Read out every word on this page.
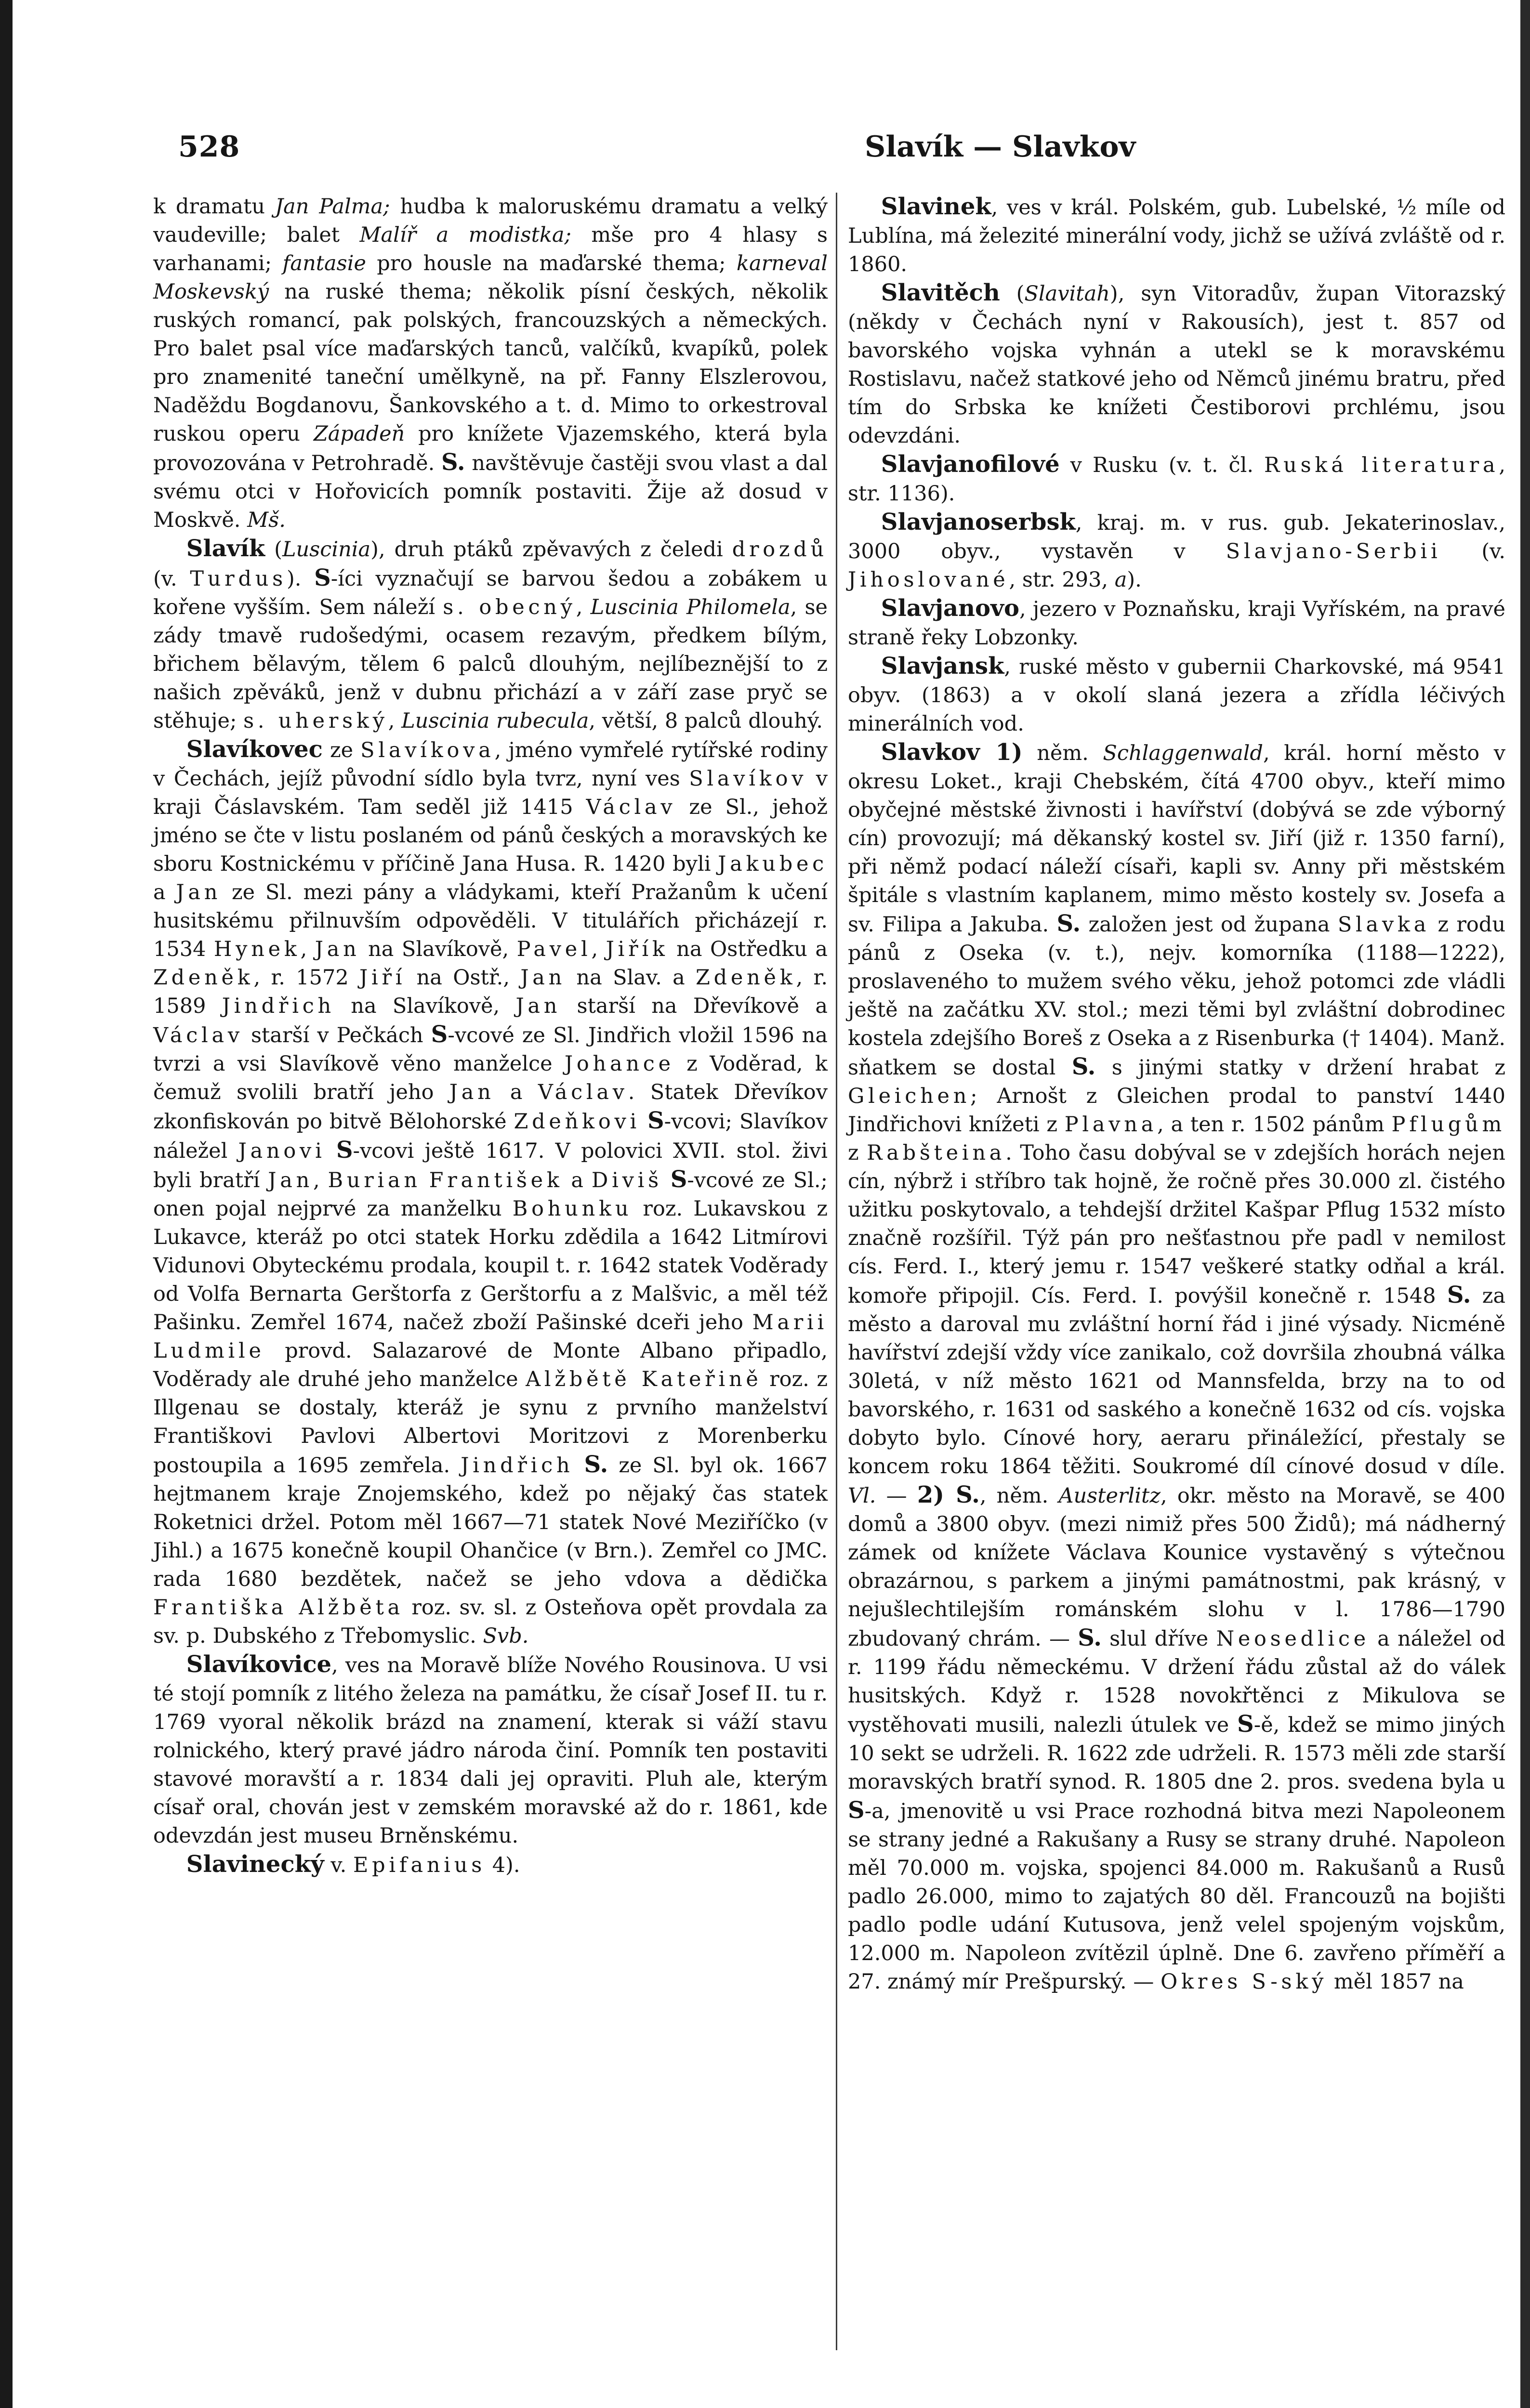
528	Slavík — Slavkov

k dramatu Jan Palma; hudba k maloruskému dramatu a velký vaudeville; balet Malíř a modistka; mše pro 4 hlasy s varhanami; fantasie pro housle na maďarské thema; karneval Moskevský na ruské thema; několik písní českých, několik ruských romancí, pak polských, francouzských a německých. Pro balet psal více maďarských tanců, valčíků, kvapíků, polek pro znamenité taneční umělkyně, na př. Fanny Elszlerovou, Naděždu Bogdanovu, Šankovského a t. d. Mimo to orkestroval ruskou operu Západeň pro knížete Vjazemského, která byla provozována v Petrohradě. S. navštěvuje častěji svou vlast a dal svému otci v Hořovicích pomník postaviti. Žije až dosud v Moskvě. Mš.

Slavík (Luscinia), druh ptáků zpěvavých z čeledi drozdů (v. Turdus). S-íci vyznačují se barvou šedou a zobákem u kořene vyšším. Sem náleží s. obecný, Luscinia Philomela, se zády tmavě rudošedými, ocasem rezavým, předkem bílým, břichem bělavým, tělem 6 palců dlouhým, nejlíbeznější to z našich zpěváků, jenž v dubnu přichází a v září zase pryč se stěhuje; s. uherský, Luscinia rubecula, větší, 8 palců dlouhý.

Slavíkovec ze Slavíkova, jméno vymřelé rytířské rodiny v Čechách, jejíž původní sídlo byla tvrz, nyní ves Slavíkov v kraji Čáslavském. Tam seděl již 1415 Václav ze Sl., jehož jméno se čte v listu poslaném od pánů českých a moravských ke sboru Kostnickému v příčině Jana Husa. R. 1420 byli Jakubec a Jan ze Sl. mezi pány a vládykami, kteří Pražanům k učení husitskému přilnuvším odpověděli. V titulářích přicházejí r. 1534 Hynek, Jan na Slavíkově, Pavel, Jiřík na Ostředku a Zdeněk, r. 1572 Jiří na Ostř., Jan na Slav. a Zdeněk, r. 1589 Jindřich na Slavíkově, Jan starší na Dřevíkově a Václav starší v Pečkách S-vcové ze Sl. Jindřich vložil 1596 na tvrzi a vsi Slavíkově věno manželce Johance z Voděrad, k čemuž svolili bratří jeho Jan a Václav. Statek Dřevíkov zkonfiskován po bitvě Bělohorské Zdeňkovi S-vcovi; Slavíkov náležel Janovi S-vcovi ještě 1617. V polovici XVII. stol. živi byli bratří Jan, Burian František a Diviš S-vcové ze Sl.; onen pojal nejprvé za manželku Bohunku roz. Lukavskou z Lukavce, kteráž po otci statek Horku zdědila a 1642 Litmírovi Vidunovi Obyteckému prodala, koupil t. r. 1642 statek Voděrady od Volfa Bernarta Gerštorfa z Gerštorfu a z Malšvic, a měl též Pašinku. Zemřel 1674, načež zboží Pašinské dceři jeho Marii Ludmile provd. Salazarové de Monte Albano připadlo, Voděrady ale druhé jeho manželce Alžbětě Kateřině roz. z Illgenau se dostaly, kteráž je synu z prvního manželství Františkovi Pavlovi Albertovi Moritzovi z Morenberku postoupila a 1695 zemřela. Jindřich S. ze Sl. byl ok. 1667 hejtmanem kraje Znojemského, kdež po nějaký čas statek Roketnici držel. Potom měl 1667—71 statek Nové Meziříčko (v Jihl.) a 1675 konečně koupil Ohančice (v Brn.). Zemřel co JMC. rada 1680 bezdětek, načež se jeho vdova a dědička Františka Alžběta roz. sv. sl. z Osteňova opět provdala za sv. p. Dubského z Třebomyslic. Svb.

Slavíkovice, ves na Moravě blíže Nového Rousinova. U vsi té stojí pomník z litého železa na památku, že císař Josef II. tu r. 1769 vyoral několik brázd na znamení, kterak si váží stavu rolnického, který pravé jádro národa činí. Pomník ten postaviti stavové moravští a r. 1834 dali jej opraviti. Pluh ale, kterým císař oral, chován jest v zemském moravské až do r. 1861, kde odevzdán jest museu Brněnskému.

Slavinecký v. Epifanius 4).

Slavinek, ves v král. Polském, gub. Lubelské, ½ míle od Lublína, má železité minerální vody, jichž se užívá zvláště od r. 1860.

Slavitěch (Slavitah), syn Vitoradův, župan Vitorazský (někdy v Čechách nyní v Rakousích), jest t. 857 od bavorského vojska vyhnán a utekl se k moravskému Rostislavu, načež statkové jeho od Němců jinému bratru, před tím do Srbska ke knížeti Čestiborovi prchlému, jsou odevzdáni.

Slavjanofilové v Rusku (v. t. čl. Ruská literatura, str. 1136).

Slavjanoserbsk, kraj. m. v rus. gub. Jekaterinoslav., 3000 obyv., vystavěn v Slavjano-Serbii (v. Jihoslované, str. 293, a).

Slavjanovo, jezero v Poznaňsku, kraji Vyříském, na pravé straně řeky Lobzonky.

Slavjansk, ruské město v gubernii Charkovské, má 9541 obyv. (1863) a v okolí slaná jezera a zřídla léčivých minerálních vod.

Slavkov 1) něm. Schlaggenwald, král. horní město v okresu Loket., kraji Chebském, čítá 4700 obyv., kteří mimo obyčejné městské živnosti i havířství (dobývá se zde výborný cín) provozují; má děkanský kostel sv. Jiří (již r. 1350 farní), při němž podací náleží císaři, kapli sv. Anny při městském špitále s vlastním kaplanem, mimo město kostely sv. Josefa a sv. Filipa a Jakuba. S. založen jest od župana Slavka z rodu pánů z Oseka (v. t.), nejv. komorníka (1188—1222), proslaveného to mužem svého věku, jehož potomci zde vládli ještě na začátku XV. stol.; mezi těmi byl zvláštní dobrodinec kostela zdejšího Boreš z Oseka a z Risenburka († 1404). Manž. sňatkem se dostal S. s jinými statky v držení hrabat z Gleichen; Arnošt z Gleichen prodal to panství 1440 Jindřichovi knížeti z Plavna, a ten r. 1502 pánům Pflugům z Rabšteina. Toho času dobýval se v zdejších horách nejen cín, nýbrž i stříbro tak hojně, že ročně přes 30.000 zl. čistého užitku poskytovalo, a tehdejší držitel Kašpar Pflug 1532 místo značně rozšířil. Týž pán pro nešťastnou pře padl v nemilost cís. Ferd. I., který jemu r. 1547 veškeré statky odňal a král. komoře připojil. Cís. Ferd. I. povýšil konečně r. 1548 S. za město a daroval mu zvláštní horní řád i jiné výsady. Nicméně havířství zdejší vždy více zanikalo, což dovršila zhoubná válka 30letá, v níž město 1621 od Mannsfelda, brzy na to od bavorského, r. 1631 od saského a konečně 1632 od cís. vojska dobyto bylo. Cínové hory, aeraru přináležící, přestaly se koncem roku 1864 těžiti. Soukromé díl cínové dosud v díle. Vl. — 2) S., něm. Austerlitz, okr. město na Moravě, se 400 domů a 3800 obyv. (mezi nimiž přes 500 Židů); má nádherný zámek od knížete Václava Kounice vystavěný s výtečnou obrazárnou, s parkem a jinými památnostmi, pak krásný, v nejušlechtilejším románském slohu v l. 1786—1790 zbudovaný chrám. — S. slul dříve Neosedlice a náležel od r. 1199 řádu německému. V držení řádu zůstal až do válek husitských. Když r. 1528 novokřtěnci z Mikulova se vystěhovati musili, nalezli útulek ve S-ě, kdež se mimo jiných 10 sekt se udrželi. R. 1622 zde udrželi. R. 1573 měli zde starší moravských bratří synod. R. 1805 dne 2. pros. svedena byla u S-a, jmenovitě u vsi Prace rozhodná bitva mezi Napoleonem se strany jedné a Rakušany a Rusy se strany druhé. Napoleon měl 70.000 m. vojska, spojenci 84.000 m. Rakušanů a Rusů padlo 26.000, mimo to zajatých 80 děl. Francouzů na bojišti padlo podle udání Kutusova, jenž velel spojeným vojskům, 12.000 m. Napoleon zvítězil úplně. Dne 6. zavřeno příměří a 27. známý mír Prešpurský. — Okres S-ský měl 1857 na
